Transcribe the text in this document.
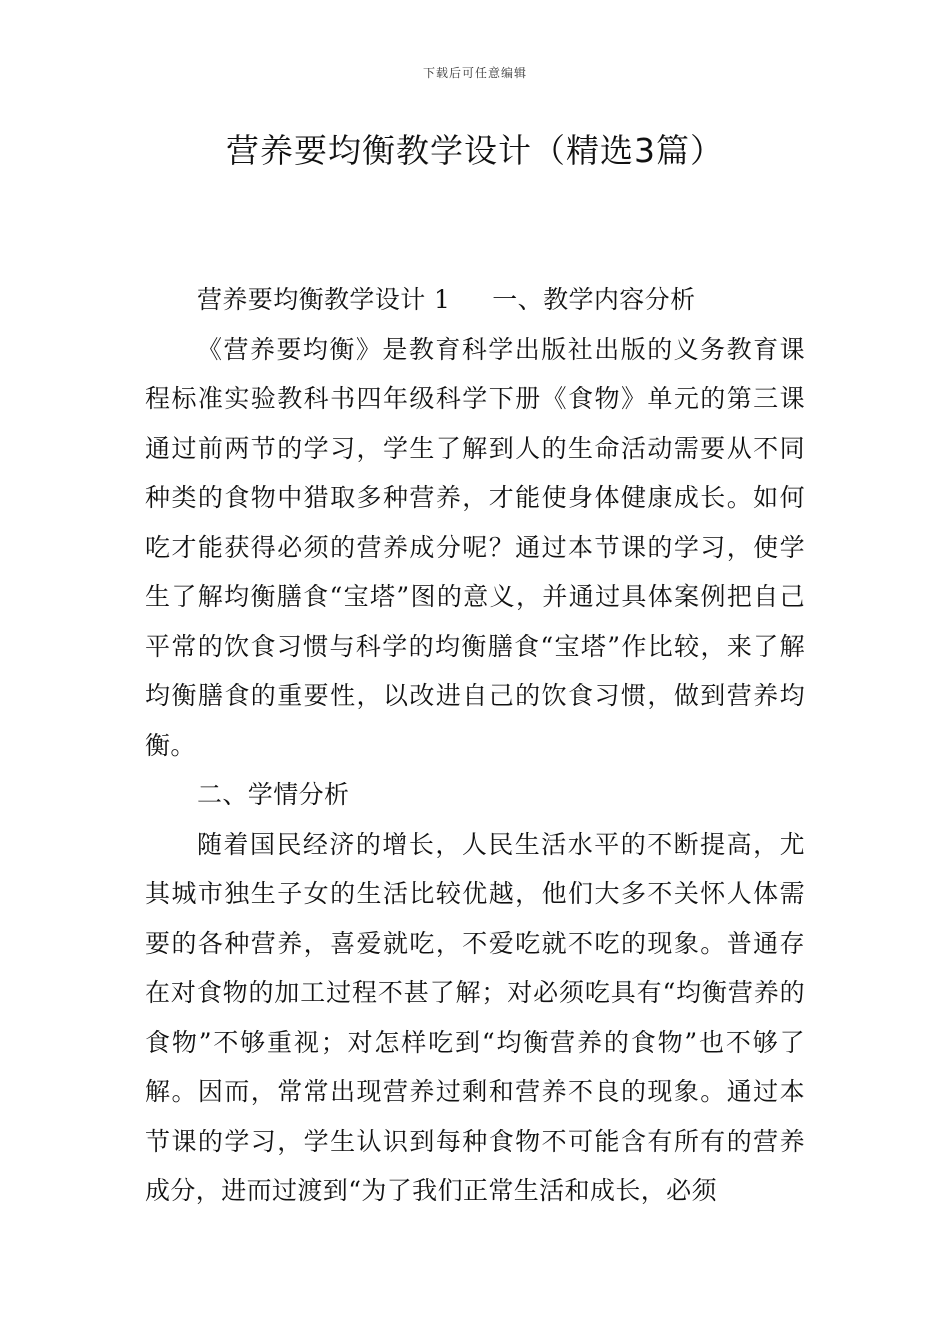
下载后可任意编辑
营养要均衡教学设计（精选3篇）

营养要均衡教学设计 1 一、教学内容分析

《营养要均衡》是教育科学出版社出版的义务教育课程标准实验教科书四年级科学下册《食物》单元的第三课通过前两节的学习，学生了解到人的生命活动需要从不同种类的食物中猎取多种营养，才能使身体健康成长。如何吃才能获得必须的营养成分呢？通过本节课的学习，使学生了解均衡膳食“宝塔”图的意义，并通过具体案例把自己平常的饮食习惯与科学的均衡膳食“宝塔”作比较，来了解均衡膳食的重要性，以改进自己的饮食习惯，做到营养均衡。

二、学情分析

随着国民经济的增长，人民生活水平的不断提高，尤其城市独生子女的生活比较优越，他们大多不关怀人体需要的各种营养，喜爱就吃，不爱吃就不吃的现象。普通存在对食物的加工过程不甚了解；对必须吃具有“均衡营养的食物”不够重视；对怎样吃到“均衡营养的食物”也不够了解。因而，常常出现营养过剩和营养不良的现象。通过本节课的学习，学生认识到每种食物不可能含有所有的营养成分，进而过渡到“为了我们正常生活和成长，必须
